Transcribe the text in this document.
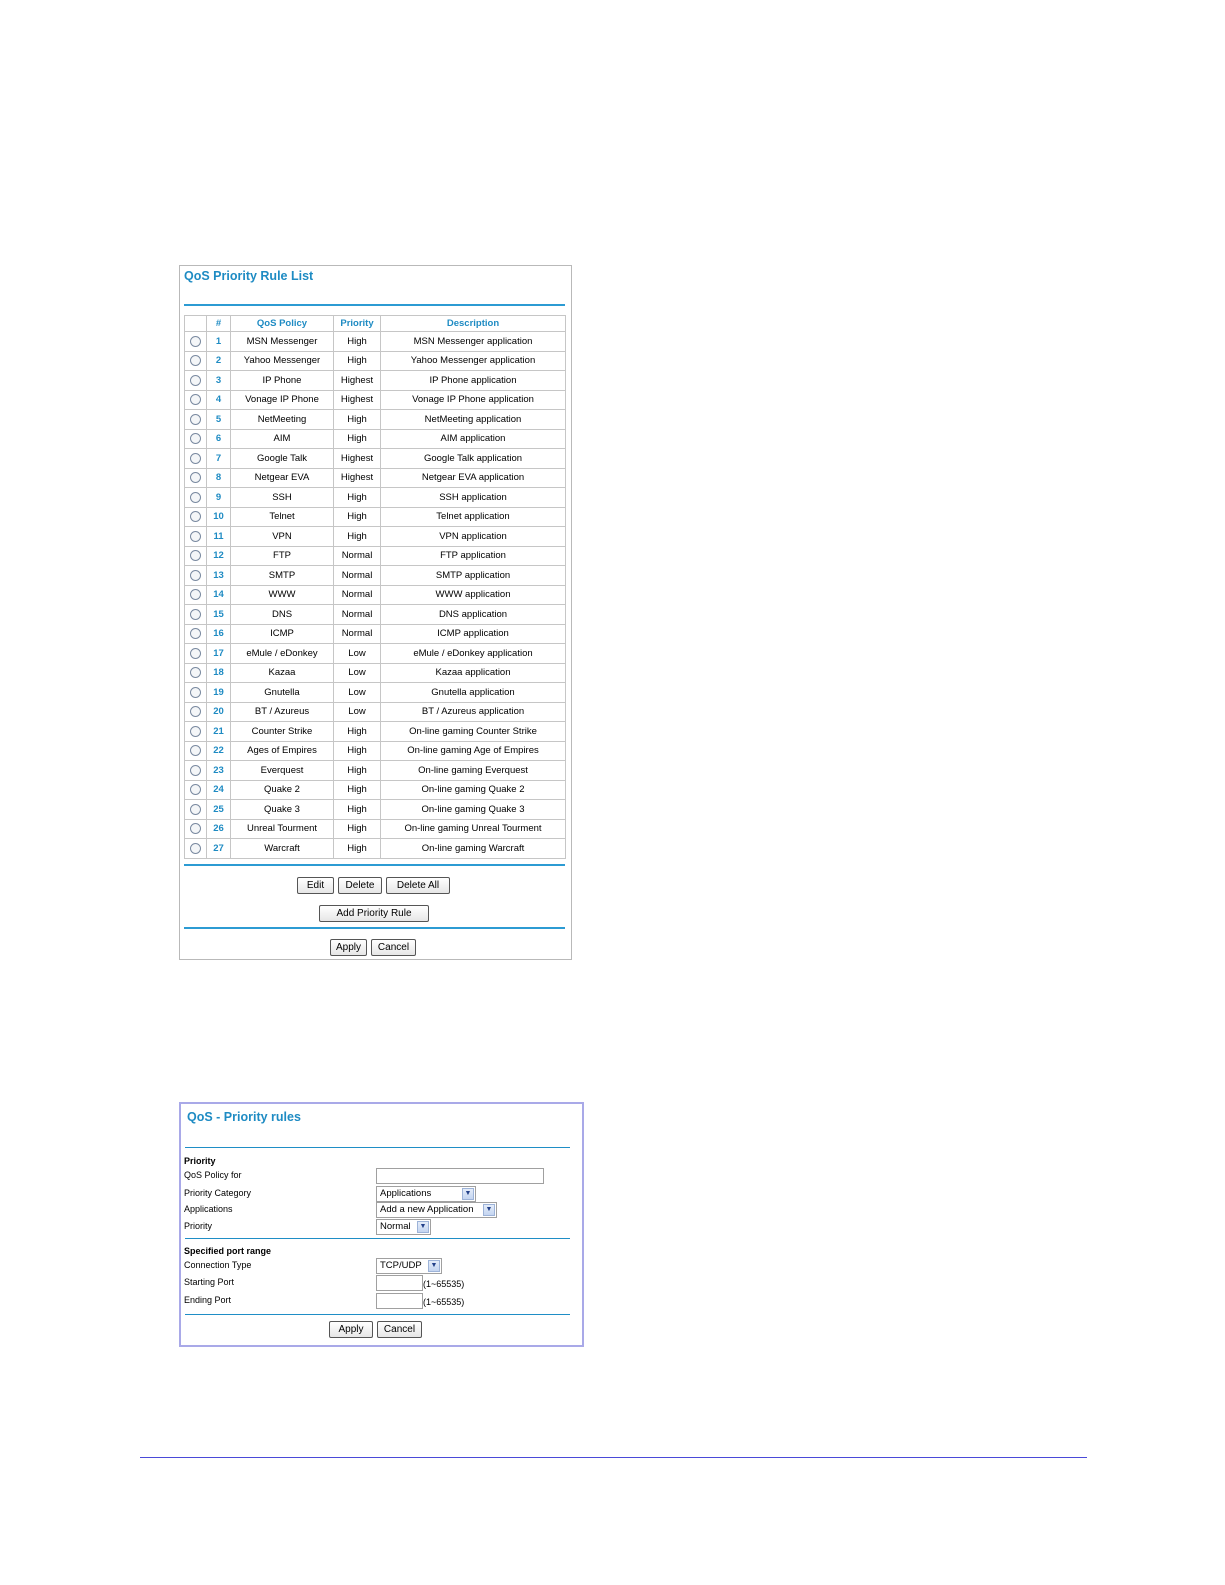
QoS Priority Rule List
	#	QoS Policy	Priority	Description
	1	MSN Messenger	High	MSN Messenger application
	2	Yahoo Messenger	High	Yahoo Messenger application
	3	IP Phone	Highest	IP Phone application
	4	Vonage IP Phone	Highest	Vonage IP Phone application
	5	NetMeeting	High	NetMeeting application
	6	AIM	High	AIM application
	7	Google Talk	Highest	Google Talk application
	8	Netgear EVA	Highest	Netgear EVA application
	9	SSH	High	SSH application
	10	Telnet	High	Telnet application
	11	VPN	High	VPN application
	12	FTP	Normal	FTP application
	13	SMTP	Normal	SMTP application
	14	WWW	Normal	WWW application
	15	DNS	Normal	DNS application
	16	ICMP	Normal	ICMP application
	17	eMule / eDonkey	Low	eMule / eDonkey application
	18	Kazaa	Low	Kazaa application
	19	Gnutella	Low	Gnutella application
	20	BT / Azureus	Low	BT / Azureus application
	21	Counter Strike	High	On-line gaming Counter Strike
	22	Ages of Empires	High	On-line gaming Age of Empires
	23	Everquest	High	On-line gaming Everquest
	24	Quake 2	High	On-line gaming Quake 2
	25	Quake 3	High	On-line gaming Quake 3
	26	Unreal Tourment	High	On-line gaming Unreal Tourment
	27	Warcraft	High	On-line gaming Warcraft
Edit	Delete	Delete All
Add Priority Rule
Apply	Cancel
QoS - Priority rules
Priority
QoS Policy for
Priority Category	Applications	▼
Applications	Add a new Application	▼
Priority	Normal	▼
Specified port range
Connection Type	TCP/UDP	▼
Starting Port	(1~65535)
Ending Port	(1~65535)
Apply	Cancel
